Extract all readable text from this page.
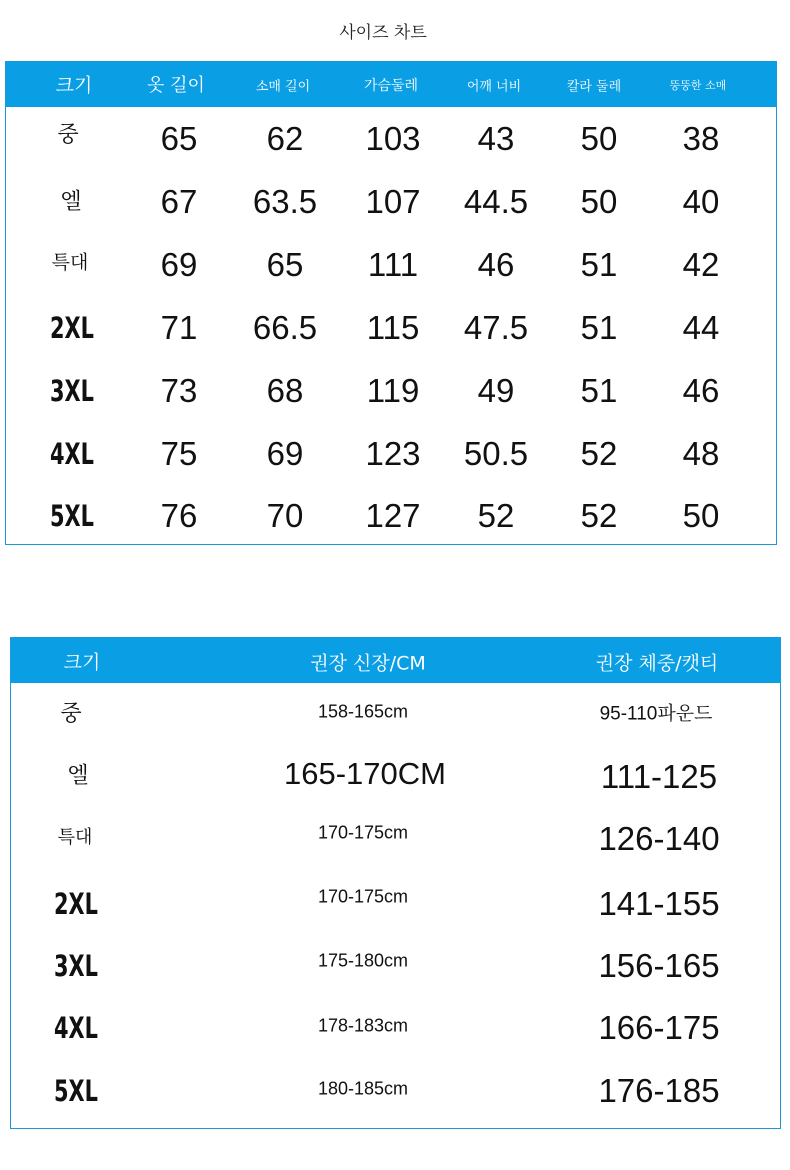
사이즈 차트
크기	옷 길이	소매 길이	가슴둘레	어깨 너비	칼라 둘레	뚱뚱한 소매
중 65 62 103 43 50 38
엘 67 63.5 107 44.5 50 40
특대 69 65 111 46 51 42
2XL 71 66.5 115 47.5 51 44
3XL 73 68 119 49 51 46
4XL 75 69 123 50.5 52 48
5XL 76 70 127 52 52 50
크기	권장 신장/CM	권장 체중/캣티
중	158-165cm	95-110파운드
엘	165-170CM	111-125
특대	170-175cm	126-140
2XL	170-175cm	141-155
3XL	175-180cm	156-165
4XL	178-183cm	166-175
5XL	180-185cm	176-185
